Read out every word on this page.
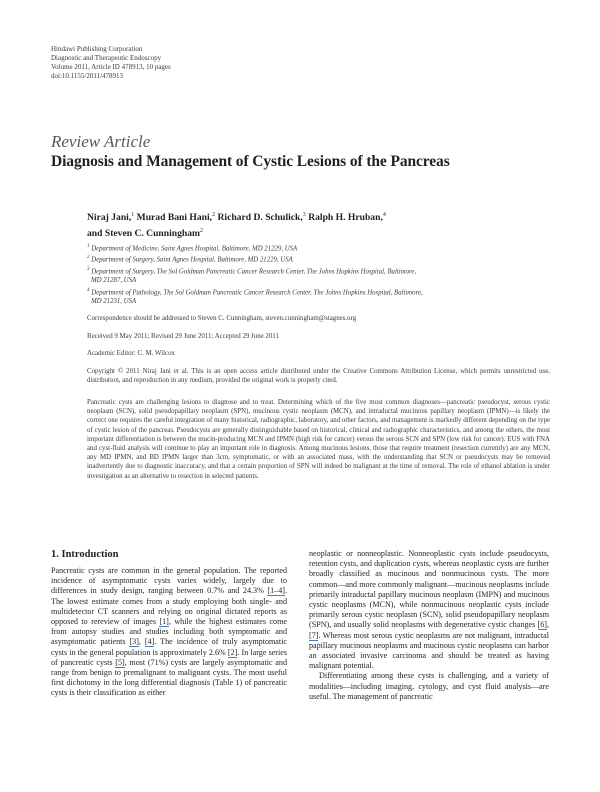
Hindawi Publishing Corporation
Diagnostic and Therapeutic Endoscopy
Volume 2011, Article ID 478913, 10 pages
doi:10.1155/2011/478913
Review Article
Diagnosis and Management of Cystic Lesions of the Pancreas
Niraj Jani,$^1$ Murad Bani Hani,$^2$ Richard D. Schulick,$^3$ Ralph H. Hruban,$^4$
and Steven C. Cunningham$^2$
$^1$ Department of Medicine, Saint Agnes Hospital, Baltimore, MD 21229, USA
$^2$ Department of Surgery, Saint Agnes Hospital, Baltimore, MD 21229, USA
$^3$ Department of Surgery, The Sol Goldman Pancreatic Cancer Research Center, The Johns Hopkins Hospital, Baltimore,
MD 21287, USA
$^4$ Department of Pathology, The Sol Goldman Pancreatic Cancer Research Center, The Johns Hopkins Hospital, Baltimore,
MD 21231, USA
Correspondence should be addressed to Steven C. Cunningham, steven.cunningham@stagnes.org
Received 9 May 2011; Revised 29 June 2011; Accepted 29 June 2011
Academic Editor: C. M. Wilcox
Copyright © 2011 Niraj Jani et al. This is an open access article distributed under the Creative Commons Attribution License, which permits unrestricted use, distribution, and reproduction in any medium, provided the original work is properly cited.
Pancreatic cysts are challenging lesions to diagnose and to treat. Determining which of the five most common diagnoses—pancreatic pseudocyst, serous cystic neoplasm (SCN), solid pseudopapillary neoplasm (SPN), mucinous cystic neoplasm (MCN), and intraductal mucinous papillary neoplasm (IPMN)—is likely the correct one requires the careful integration of many historical, radiographic, laboratory, and other factors, and management is markedly different depending on the type of cystic lesion of the pancreas. Pseudocysts are generally distinguishable based on historical, clinical and radiographic characteristics, and among the others, the most important differentiation is between the mucin-producing MCN and IPMN (high risk for cancer) versus the serous SCN and SPN (low risk for cancer). EUS with FNA and cyst-fluid analysis will continue to play an important role in diagnosis. Among mucinous lesions, those that require treatment (resection currently) are any MCN, any MD IPMN, and BD IPMN larger than 3cm, symptomatic, or with an associated mass, with the understanding that SCN or pseudocysts may be removed inadvertently due to diagnostic inaccuracy, and that a certain proportion of SPN will indeed be malignant at the time of removal. The role of ethanol ablation is under investigation as an alternative to resection in selected patients.
1. Introduction

Pancreatic cysts are common in the general population. The reported incidence of asymptomatic cysts varies widely, largely due to differences in study design, ranging between 0.7% and 24.3% [1–4]. The lowest estimate comes from a study employing both single- and multidetector CT scanners and relying on original dictated reports as opposed to rereview of images [1], while the highest estimates come from autopsy studies and studies including both symptomatic and asymptomatic patients [3], [4]. The incidence of truly asymptomatic cysts in the general population is approximately 2.6% [2]. In large series of pancreatic cysts [5], most (71%) cysts are largely asymptomatic and range from benign to premalignant to malignant cysts. The most useful first dichotomy in the long differential diagnosis (Table 1) of pancreatic cysts is their classification as either

neoplastic or nonneoplastic. Nonneoplastic cysts include pseudocysts, retention cysts, and duplication cysts, whereas neoplastic cysts are further broadly classified as mucinous and nonmucinous cysts. The more common—and more commonly malignant—mucinous neoplasms include primarily intraductal papillary mucinous neoplasm (IMPN) and mucinous cystic neoplasms (MCN), while nonmucinous neoplastic cysts include primarily serous cystic neoplasm (SCN), solid pseudopapillary neoplasm (SPN), and usually solid neoplasms with degenerative cystic changes [6], [7]. Whereas most serous cystic neoplasms are not malignant, intraductal papillary mucinous neoplasms and mucinous cystic neoplasms can harbor an associated invasive carcinoma and should be treated as having malignant potential.

Differentiating among these cysts is challenging, and a variety of modalities—including imaging, cytology, and cyst fluid analysis—are useful. The management of pancreatic
